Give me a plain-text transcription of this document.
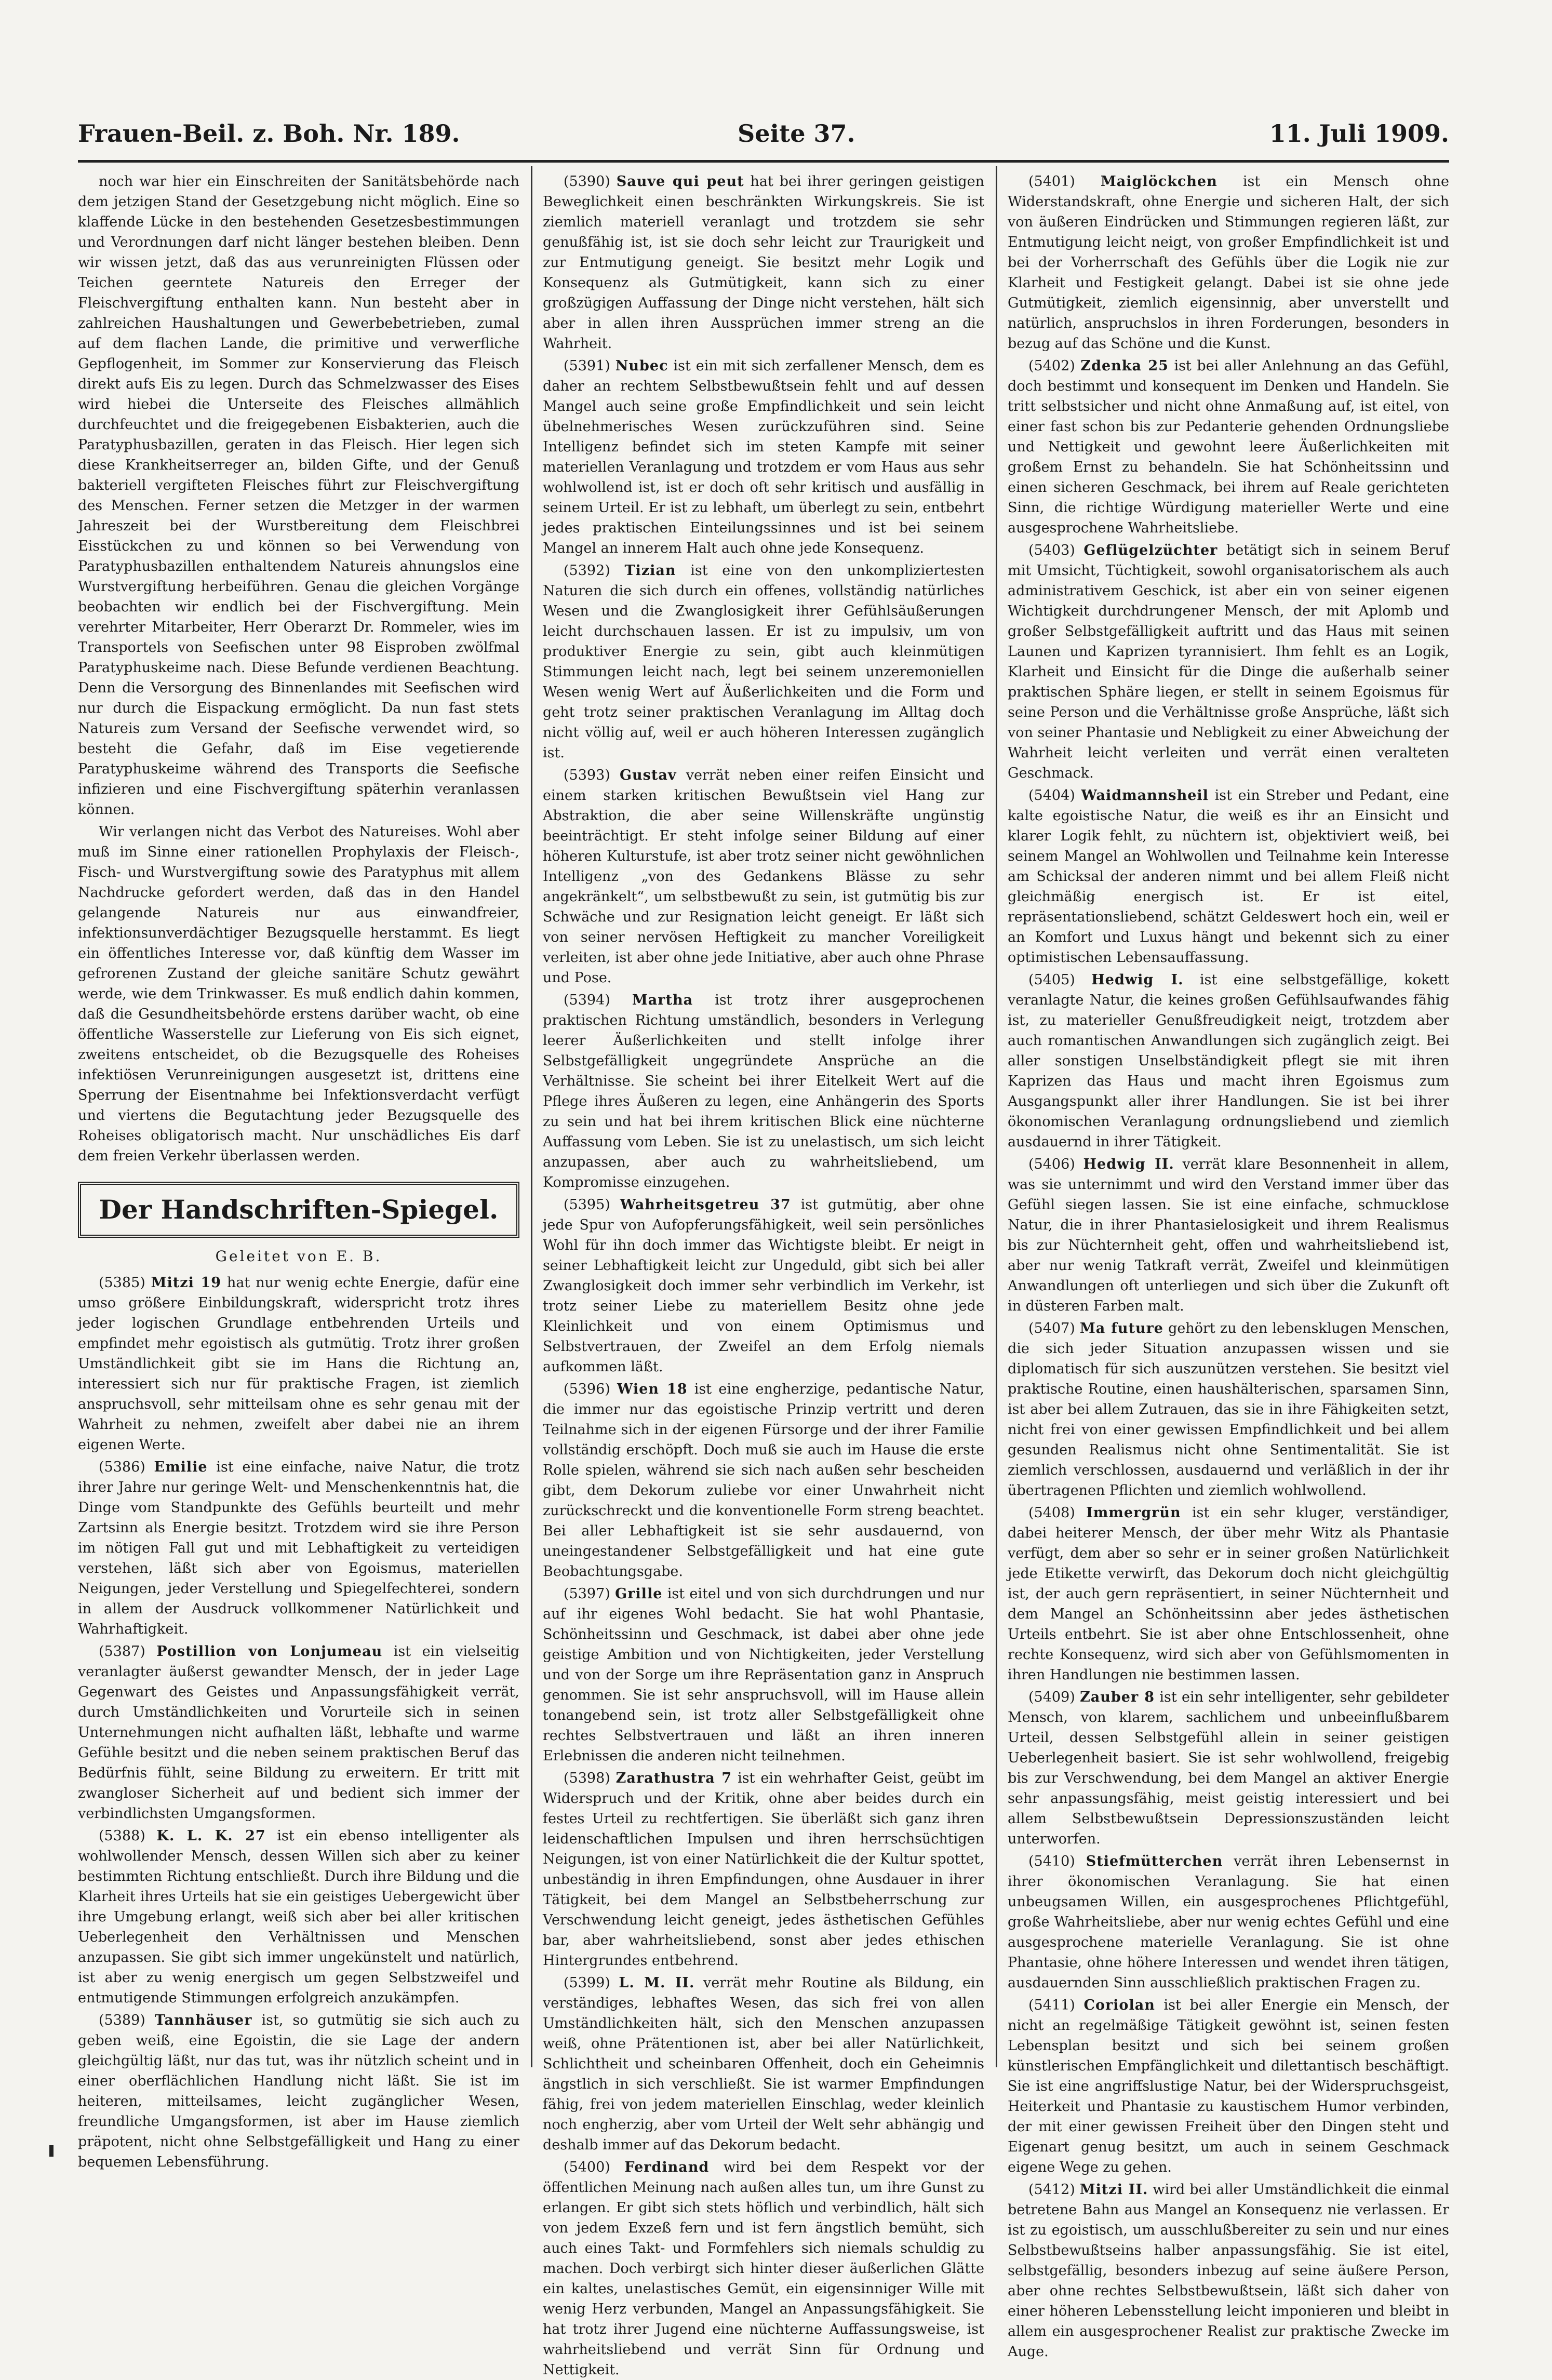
Frauen-Beil. z. Boh. Nr. 189.	Seite 37.	11. Juli 1909.

noch war hier ein Einschreiten der Sanitätsbehörde nach dem jetzigen Stand der Gesetzgebung nicht möglich. Eine so klaffende Lücke in den bestehenden Gesetzesbestimmungen und Verordnungen darf nicht länger bestehen bleiben. Denn wir wissen jetzt, daß das aus verunreinigten Flüssen oder Teichen geerntete Natureis den Erreger der Fleischvergiftung enthalten kann. Nun besteht aber in zahlreichen Haushaltungen und Gewerbebetrieben, zumal auf dem flachen Lande, die primitive und verwerfliche Gepflogenheit, im Sommer zur Konservierung das Fleisch direkt aufs Eis zu legen. Durch das Schmelzwasser des Eises wird hiebei die Unterseite des Fleisches allmählich durchfeuchtet und die freigegebenen Eisbakterien, auch die Paratyphusbazillen, geraten in das Fleisch. Hier legen sich diese Krankheitserreger an, bilden Gifte, und der Genuß bakteriell vergifteten Fleisches führt zur Fleischvergiftung des Menschen. Ferner setzen die Metzger in der warmen Jahreszeit bei der Wurstbereitung dem Fleischbrei Eisstückchen zu und können so bei Verwendung von Paratyphusbazillen enthaltendem Natureis ahnungslos eine Wurstvergiftung herbeiführen. Genau die gleichen Vorgänge beobachten wir endlich bei der Fischvergiftung. Mein verehrter Mitarbeiter, Herr Oberarzt Dr. Rommeler, wies im Transportels von Seefischen unter 98 Eisproben zwölfmal Paratyphuskeime nach. Diese Befunde verdienen Beachtung. Denn die Versorgung des Binnenlandes mit Seefischen wird nur durch die Eispackung ermöglicht. Da nun fast stets Natureis zum Versand der Seefische verwendet wird, so besteht die Gefahr, daß im Eise vegetierende Paratyphuskeime während des Transports die Seefische infizieren und eine Fischvergiftung späterhin veranlassen können.

Wir verlangen nicht das Verbot des Natureises. Wohl aber muß im Sinne einer rationellen Prophylaxis der Fleisch-, Fisch- und Wurstvergiftung sowie des Paratyphus mit allem Nachdrucke gefordert werden, daß das in den Handel gelangende Natureis nur aus einwandfreier, infektionsunverdächtiger Bezugsquelle herstammt. Es liegt ein öffentliches Interesse vor, daß künftig dem Wasser im gefrorenen Zustand der gleiche sanitäre Schutz gewährt werde, wie dem Trinkwasser. Es muß endlich dahin kommen, daß die Gesundheitsbehörde erstens darüber wacht, ob eine öffentliche Wasserstelle zur Lieferung von Eis sich eignet, zweitens entscheidet, ob die Bezugsquelle des Roheises infektiösen Verunreinigungen ausgesetzt ist, drittens eine Sperrung der Eisentnahme bei Infektionsverdacht verfügt und viertens die Begutachtung jeder Bezugsquelle des Roheises obligatorisch macht. Nur unschädliches Eis darf dem freien Verkehr überlassen werden.

Der Handschriften-Spiegel.
Geleitet von E. B.

(5385) Mitzi 19 hat nur wenig echte Energie, dafür eine umso größere Einbildungskraft, widerspricht trotz ihres jeder logischen Grundlage entbehrenden Urteils und empfindet mehr egoistisch als gutmütig. Trotz ihrer großen Umständlichkeit gibt sie im Hans die Richtung an, interessiert sich nur für praktische Fragen, ist ziemlich anspruchsvoll, sehr mitteilsam ohne es sehr genau mit der Wahrheit zu nehmen, zweifelt aber dabei nie an ihrem eigenen Werte.

(5386) Emilie ist eine einfache, naive Natur, die trotz ihrer Jahre nur geringe Welt- und Menschenkenntnis hat, die Dinge vom Standpunkte des Gefühls beurteilt und mehr Zartsinn als Energie besitzt. Trotzdem wird sie ihre Person im nötigen Fall gut und mit Lebhaftigkeit zu verteidigen verstehen, läßt sich aber von Egoismus, materiellen Neigungen, jeder Verstellung und Spiegelfechterei, sondern in allem der Ausdruck vollkommener Natürlichkeit und Wahrhaftigkeit.

(5387) Postillion von Lonjumeau ist ein vielseitig veranlagter äußerst gewandter Mensch, der in jeder Lage Gegenwart des Geistes und Anpassungsfähigkeit verrät, durch Umständlichkeiten und Vorurteile sich in seinen Unternehmungen nicht aufhalten läßt, lebhafte und warme Gefühle besitzt und die neben seinem praktischen Beruf das Bedürfnis fühlt, seine Bildung zu erweitern. Er tritt mit zwangloser Sicherheit auf und bedient sich immer der verbindlichsten Umgangsformen.

(5388) K. L. K. 27 ist ein ebenso intelligenter als wohlwollender Mensch, dessen Willen sich aber zu keiner bestimmten Richtung entschließt. Durch ihre Bildung und die Klarheit ihres Urteils hat sie ein geistiges Uebergewicht über ihre Umgebung erlangt, weiß sich aber bei aller kritischen Ueberlegenheit den Verhältnissen und Menschen anzupassen. Sie gibt sich immer ungekünstelt und natürlich, ist aber zu wenig energisch um gegen Selbstzweifel und entmutigende Stimmungen erfolgreich anzukämpfen.

(5389) Tannhäuser ist, so gutmütig sie sich auch zu geben weiß, eine Egoistin, die sie Lage der andern gleichgültig läßt, nur das tut, was ihr nützlich scheint und in einer oberflächlichen Handlung nicht läßt. Sie ist im heiteren, mitteilsames, leicht zugänglicher Wesen, freundliche Umgangsformen, ist aber im Hause ziemlich präpotent, nicht ohne Selbstgefälligkeit und Hang zu einer bequemen Lebensführung.

(5390) Sauve qui peut hat bei ihrer geringen geistigen Beweglichkeit einen beschränkten Wirkungskreis. Sie ist ziemlich materiell veranlagt und trotzdem sie sehr genußfähig ist, ist sie doch sehr leicht zur Traurigkeit und zur Entmutigung geneigt. Sie besitzt mehr Logik und Konsequenz als Gutmütigkeit, kann sich zu einer großzügigen Auffassung der Dinge nicht verstehen, hält sich aber in allen ihren Aussprüchen immer streng an die Wahrheit.

(5391) Nubec ist ein mit sich zerfallener Mensch, dem es daher an rechtem Selbstbewußtsein fehlt und auf dessen Mangel auch seine große Empfindlichkeit und sein leicht übelnehmerisches Wesen zurückzuführen sind. Seine Intelligenz befindet sich im steten Kampfe mit seiner materiellen Veranlagung und trotzdem er vom Haus aus sehr wohlwollend ist, ist er doch oft sehr kritisch und ausfällig in seinem Urteil. Er ist zu lebhaft, um überlegt zu sein, entbehrt jedes praktischen Einteilungssinnes und ist bei seinem Mangel an innerem Halt auch ohne jede Konsequenz.

(5392) Tizian ist eine von den unkompliziertesten Naturen die sich durch ein offenes, vollständig natürliches Wesen und die Zwanglosigkeit ihrer Gefühlsäußerungen leicht durchschauen lassen. Er ist zu impulsiv, um von produktiver Energie zu sein, gibt auch kleinmütigen Stimmungen leicht nach, legt bei seinem unzeremoniellen Wesen wenig Wert auf Äußerlichkeiten und die Form und geht trotz seiner praktischen Veranlagung im Alltag doch nicht völlig auf, weil er auch höheren Interessen zugänglich ist.

(5393) Gustav verrät neben einer reifen Einsicht und einem starken kritischen Bewußtsein viel Hang zur Abstraktion, die aber seine Willenskräfte ungünstig beeinträchtigt. Er steht infolge seiner Bildung auf einer höheren Kulturstufe, ist aber trotz seiner nicht gewöhnlichen Intelligenz „von des Gedankens Blässe zu sehr angekränkelt“, um selbstbewußt zu sein, ist gutmütig bis zur Schwäche und zur Resignation leicht geneigt. Er läßt sich von seiner nervösen Heftigkeit zu mancher Voreiligkeit verleiten, ist aber ohne jede Initiative, aber auch ohne Phrase und Pose.

(5394) Martha ist trotz ihrer ausgeprochenen praktischen Richtung umständlich, besonders in Verlegung leerer Äußerlichkeiten und stellt infolge ihrer Selbstgefälligkeit ungegründete Ansprüche an die Verhältnisse. Sie scheint bei ihrer Eitelkeit Wert auf die Pflege ihres Äußeren zu legen, eine Anhängerin des Sports zu sein und hat bei ihrem kritischen Blick eine nüchterne Auffassung vom Leben. Sie ist zu unelastisch, um sich leicht anzupassen, aber auch zu wahrheitsliebend, um Kompromisse einzugehen.

(5395) Wahrheitsgetreu 37 ist gutmütig, aber ohne jede Spur von Aufopferungsfähigkeit, weil sein persönliches Wohl für ihn doch immer das Wichtigste bleibt. Er neigt in seiner Lebhaftigkeit leicht zur Ungeduld, gibt sich bei aller Zwanglosigkeit doch immer sehr verbindlich im Verkehr, ist trotz seiner Liebe zu materiellem Besitz ohne jede Kleinlichkeit und von einem Optimismus und Selbstvertrauen, der Zweifel an dem Erfolg niemals aufkommen läßt.

(5396) Wien 18 ist eine engherzige, pedantische Natur, die immer nur das egoistische Prinzip vertritt und deren Teilnahme sich in der eigenen Fürsorge und der ihrer Familie vollständig erschöpft. Doch muß sie auch im Hause die erste Rolle spielen, während sie sich nach außen sehr bescheiden gibt, dem Dekorum zuliebe vor einer Unwahrheit nicht zurückschreckt und die konventionelle Form streng beachtet. Bei aller Lebhaftigkeit ist sie sehr ausdauernd, von uneingestandener Selbstgefälligkeit und hat eine gute Beobachtungsgabe.

(5397) Grille ist eitel und von sich durchdrungen und nur auf ihr eigenes Wohl bedacht. Sie hat wohl Phantasie, Schönheitssinn und Geschmack, ist dabei aber ohne jede geistige Ambition und von Nichtigkeiten, jeder Verstellung und von der Sorge um ihre Repräsentation ganz in Anspruch genommen. Sie ist sehr anspruchsvoll, will im Hause allein tonangebend sein, ist trotz aller Selbstgefälligkeit ohne rechtes Selbstvertrauen und läßt an ihren inneren Erlebnissen die anderen nicht teilnehmen.

(5398) Zarathustra 7 ist ein wehrhafter Geist, geübt im Widerspruch und der Kritik, ohne aber beides durch ein festes Urteil zu rechtfertigen. Sie überläßt sich ganz ihren leidenschaftlichen Impulsen und ihren herrschsüchtigen Neigungen, ist von einer Natürlichkeit die der Kultur spottet, unbeständig in ihren Empfindungen, ohne Ausdauer in ihrer Tätigkeit, bei dem Mangel an Selbstbeherrschung zur Verschwendung leicht geneigt, jedes ästhetischen Gefühles bar, aber wahrheitsliebend, sonst aber jedes ethischen Hintergrundes entbehrend.

(5399) L. M. II. verrät mehr Routine als Bildung, ein verständiges, lebhaftes Wesen, das sich frei von allen Umständlichkeiten hält, sich den Menschen anzupassen weiß, ohne Prätentionen ist, aber bei aller Natürlichkeit, Schlichtheit und scheinbaren Offenheit, doch ein Geheimnis ängstlich in sich verschließt. Sie ist warmer Empfindungen fähig, frei von jedem materiellen Einschlag, weder kleinlich noch engherzig, aber vom Urteil der Welt sehr abhängig und deshalb immer auf das Dekorum bedacht.

(5400) Ferdinand wird bei dem Respekt vor der öffentlichen Meinung nach außen alles tun, um ihre Gunst zu erlangen. Er gibt sich stets höflich und verbindlich, hält sich von jedem Exzeß fern und ist fern ängstlich bemüht, sich auch eines Takt- und Formfehlers sich niemals schuldig zu machen. Doch verbirgt sich hinter dieser äußerlichen Glätte ein kaltes, unelastisches Gemüt, ein eigensinniger Wille mit wenig Herz verbunden, Mangel an Anpassungsfähigkeit. Sie hat trotz ihrer Jugend eine nüchterne Auffassungsweise, ist wahrheitsliebend und verrät Sinn für Ordnung und Nettigkeit.

(5401) Maiglöckchen ist ein Mensch ohne Widerstandskraft, ohne Energie und sicheren Halt, der sich von äußeren Eindrücken und Stimmungen regieren läßt, zur Entmutigung leicht neigt, von großer Empfindlichkeit ist und bei der Vorherrschaft des Gefühls über die Logik nie zur Klarheit und Festigkeit gelangt. Dabei ist sie ohne jede Gutmütigkeit, ziemlich eigensinnig, aber unverstellt und natürlich, anspruchslos in ihren Forderungen, besonders in bezug auf das Schöne und die Kunst.

(5402) Zdenka 25 ist bei aller Anlehnung an das Gefühl, doch bestimmt und konsequent im Denken und Handeln. Sie tritt selbstsicher und nicht ohne Anmaßung auf, ist eitel, von einer fast schon bis zur Pedanterie gehenden Ordnungsliebe und Nettigkeit und gewohnt leere Äußerlichkeiten mit großem Ernst zu behandeln. Sie hat Schönheitssinn und einen sicheren Geschmack, bei ihrem auf Reale gerichteten Sinn, die richtige Würdigung materieller Werte und eine ausgesprochene Wahrheitsliebe.

(5403) Geflügelzüchter betätigt sich in seinem Beruf mit Umsicht, Tüchtigkeit, sowohl organisatorischem als auch administrativem Geschick, ist aber ein von seiner eigenen Wichtigkeit durchdrungener Mensch, der mit Aplomb und großer Selbstgefälligkeit auftritt und das Haus mit seinen Launen und Kaprizen tyrannisiert. Ihm fehlt es an Logik, Klarheit und Einsicht für die Dinge die außerhalb seiner praktischen Sphäre liegen, er stellt in seinem Egoismus für seine Person und die Verhältnisse große Ansprüche, läßt sich von seiner Phantasie und Nebligkeit zu einer Abweichung der Wahrheit leicht verleiten und verrät einen veralteten Geschmack.

(5404) Waidmannsheil ist ein Streber und Pedant, eine kalte egoistische Natur, die weiß es ihr an Einsicht und klarer Logik fehlt, zu nüchtern ist, objektiviert weiß, bei seinem Mangel an Wohlwollen und Teilnahme kein Interesse am Schicksal der anderen nimmt und bei allem Fleiß nicht gleichmäßig energisch ist. Er ist eitel, repräsentationsliebend, schätzt Geldeswert hoch ein, weil er an Komfort und Luxus hängt und bekennt sich zu einer optimistischen Lebensauffassung.

(5405) Hedwig I. ist eine selbstgefällige, kokett veranlagte Natur, die keines großen Gefühlsaufwandes fähig ist, zu materieller Genußfreudigkeit neigt, trotzdem aber auch romantischen Anwandlungen sich zugänglich zeigt. Bei aller sonstigen Unselbständigkeit pflegt sie mit ihren Kaprizen das Haus und macht ihren Egoismus zum Ausgangspunkt aller ihrer Handlungen. Sie ist bei ihrer ökonomischen Veranlagung ordnungsliebend und ziemlich ausdauernd in ihrer Tätigkeit.

(5406) Hedwig II. verrät klare Besonnenheit in allem, was sie unternimmt und wird den Verstand immer über das Gefühl siegen lassen. Sie ist eine einfache, schmucklose Natur, die in ihrer Phantasielosigkeit und ihrem Realismus bis zur Nüchternheit geht, offen und wahrheitsliebend ist, aber nur wenig Tatkraft verrät, Zweifel und kleinmütigen Anwandlungen oft unterliegen und sich über die Zukunft oft in düsteren Farben malt.

(5407) Ma future gehört zu den lebensklugen Menschen, die sich jeder Situation anzupassen wissen und sie diplomatisch für sich auszunützen verstehen. Sie besitzt viel praktische Routine, einen haushälterischen, sparsamen Sinn, ist aber bei allem Zutrauen, das sie in ihre Fähigkeiten setzt, nicht frei von einer gewissen Empfindlichkeit und bei allem gesunden Realismus nicht ohne Sentimentalität. Sie ist ziemlich verschlossen, ausdauernd und verläßlich in der ihr übertragenen Pflichten und ziemlich wohlwollend.

(5408) Immergrün ist ein sehr kluger, verständiger, dabei heiterer Mensch, der über mehr Witz als Phantasie verfügt, dem aber so sehr er in seiner großen Natürlichkeit jede Etikette verwirft, das Dekorum doch nicht gleichgültig ist, der auch gern repräsentiert, in seiner Nüchternheit und dem Mangel an Schönheitssinn aber jedes ästhetischen Urteils entbehrt. Sie ist aber ohne Entschlossenheit, ohne rechte Konsequenz, wird sich aber von Gefühlsmomenten in ihren Handlungen nie bestimmen lassen.

(5409) Zauber 8 ist ein sehr intelligenter, sehr gebildeter Mensch, von klarem, sachlichem und unbeeinflußbarem Urteil, dessen Selbstgefühl allein in seiner geistigen Ueberlegenheit basiert. Sie ist sehr wohlwollend, freigebig bis zur Verschwendung, bei dem Mangel an aktiver Energie sehr anpassungsfähig, meist geistig interessiert und bei allem Selbstbewußtsein Depressionszuständen leicht unterworfen.

(5410) Stiefmütterchen verrät ihren Lebensernst in ihrer ökonomischen Veranlagung. Sie hat einen unbeugsamen Willen, ein ausgesprochenes Pflichtgefühl, große Wahrheitsliebe, aber nur wenig echtes Gefühl und eine ausgesprochene materielle Veranlagung. Sie ist ohne Phantasie, ohne höhere Interessen und wendet ihren tätigen, ausdauernden Sinn ausschließlich praktischen Fragen zu.

(5411) Coriolan ist bei aller Energie ein Mensch, der nicht an regelmäßige Tätigkeit gewöhnt ist, seinen festen Lebensplan besitzt und sich bei seinem großen künstlerischen Empfänglichkeit und dilettantisch beschäftigt. Sie ist eine angriffslustige Natur, bei der Widerspruchsgeist, Heiterkeit und Phantasie zu kaustischem Humor verbinden, der mit einer gewissen Freiheit über den Dingen steht und Eigenart genug besitzt, um auch in seinem Geschmack eigene Wege zu gehen.

(5412) Mitzi II. wird bei aller Umständlichkeit die einmal betretene Bahn aus Mangel an Konsequenz nie verlassen. Er ist zu egoistisch, um ausschlußbereiter zu sein und nur eines Selbstbewußtseins halber anpassungsfähig. Sie ist eitel, selbstgefällig, besonders inbezug auf seine äußere Person, aber ohne rechtes Selbstbewußtsein, läßt sich daher von einer höheren Lebensstellung leicht imponieren und bleibt in allem ein ausgesprochener Realist zur praktische Zwecke im Auge.
